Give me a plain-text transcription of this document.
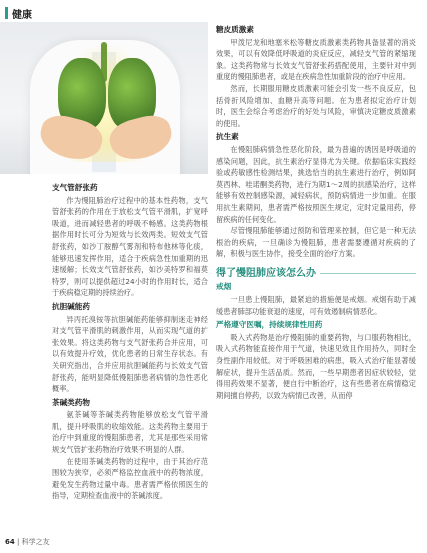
健康
支气管舒张药

作为慢阻肺治疗过程中的基本性药物，支气管舒张药的作用在于放松支气管平滑肌，扩宽呼吸道，进而减轻患者的呼吸不畅感。这类药物根据作用时长可分为短效与长效两类。短效支气管舒张药，如沙丁胺醇气雾剂和特布他林等化痰，能够迅速发挥作用，适合于疾病急性加重期的迅速缓解；长效支气管舒张药，如沙美特罗和福莫特罗，则可以提供超过24小时的作用时长，适合于疾病稳定期的持续治疗。

抗胆碱能药

异丙托溴铵等抗胆碱能药能够抑制迷走神经对支气管平滑肌的刺激作用，从而实现气道的扩张效果。将这类药物与支气舒张药合并应用，可以有效提升疗效，优化患者的日常生存状态。有关研究指出，合并应用抗胆碱能药与长效支气管舒张药，能明显降低慢阻肺患者病情的急性恶化概率。

茶碱类药物

氨茶碱等茶碱类药物能够放松支气管平滑肌，提升呼吸肌的收缩效能。这类药物主要用于治疗中到重度的慢阻肺患者，尤其是那些采用常规支气管扩张药物治疗效果不明显的人群。

在使用茶碱类药物的过程中，由于其治疗范围较为狭窄，必须严格监控血液中的药物浓度，避免发生药物过量中毒。患者需严格依照医生的指导，定期检查血液中的茶碱浓度。

糖皮质激素

甲泼尼龙和地塞米松等糖皮质激素类药物具备显著的消炎效果，可以有效降低呼吸道的炎症反应，减轻支气管的紧缩现象。这类药物常与长效支气管舒张药搭配使用，主要针对中到重度的慢阻肺患者，或是在疾病急性加重阶段的治疗中应用。

然而，长期服用糖皮质激素可能会引发一些不良反应，包括骨折风险增加、血糖升高等问题。在为患者拟定治疗计划时，医生会综合考虑治疗的好处与风险，审慎决定糖皮质激素的使用。

抗生素

在慢阻肺病情急性恶化阶段，最为普遍的诱因是呼吸道的感染问题，因此，抗生素治疗显得尤为关键。依据临床实践经验或药敏感性检测结果，挑选恰当的抗生素进行治疗，例如阿莫西林、哇诺酮类药物，进行为期1～2周的抗感染治疗，这样能够有效控制感染源，减轻病状，预防病情进一步加重。在服用抗生素期间，患者需严格按照医生规定，定时定量用药，停留疾病的任何变化。

尽管慢阻肺能够通过预防和管理来控制，但它是一种无法根治的疾病，一旦确诊为慢阻肺，患者需要遵循对疾病的了解，积极与医生协作，接受全面的治疗方案。

得了慢阻肺应该怎么办
戒烟

一旦患上慢阻肺，最紧迫的措施便是戒烟。戒烟有助于减缓患者肺部功能衰退的速度，可有效遏制病情恶化。

严格遵守医嘱，持续规律性用药

吸入式药物是治疗慢阻肺的重要药物，与口服药物相比，吸入式药物能直接作用于气道，快速见效且作用持久，同时全身性副作用较低。对于呼吸困难的病患，吸入式治疗能显著缓解症状，提升生活品质。然而，一些早期患者因症状较轻，觉得用药效果不显著，便自行中断治疗，这有些患者在病情稳定期间擅自停药，以致为病情已改善，从而停

64 | 科学之友
